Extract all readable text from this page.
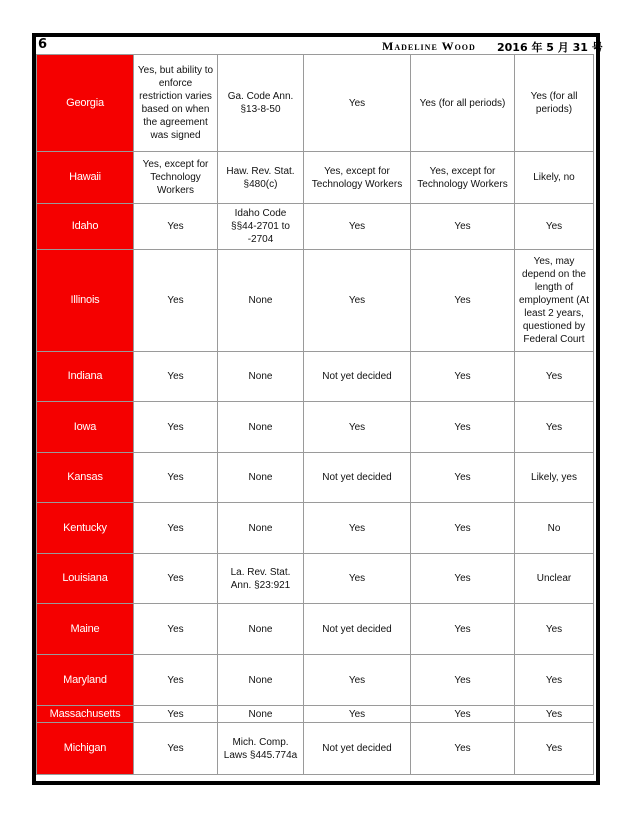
6	Madeline Wood 2016 年 5 月 31 号
Georgia	Yes, but ability to enforce restriction varies based on when the agreement was signed	Ga. Code Ann. §13-8-50	Yes	Yes (for all periods)	Yes (for all periods)
Hawaii	Yes, except for Technology Workers	Haw. Rev. Stat. §480(c)	Yes, except for Technology Workers	Yes, except for Technology Workers	Likely, no
Idaho	Yes	Idaho Code §§44-2701 to -2704	Yes	Yes	Yes
Illinois	Yes	None	Yes	Yes	Yes, may depend on the length of employment (At least 2 years, questioned by Federal Court
Indiana	Yes	None	Not yet decided	Yes	Yes
Iowa	Yes	None	Yes	Yes	Yes
Kansas	Yes	None	Not yet decided	Yes	Likely, yes
Kentucky	Yes	None	Yes	Yes	No
Louisiana	Yes	La. Rev. Stat. Ann. §23:921	Yes	Yes	Unclear
Maine	Yes	None	Not yet decided	Yes	Yes
Maryland	Yes	None	Yes	Yes	Yes
Massachusetts	Yes	None	Yes	Yes	Yes
Michigan	Yes	Mich. Comp. Laws §445.774a	Not yet decided	Yes	Yes
